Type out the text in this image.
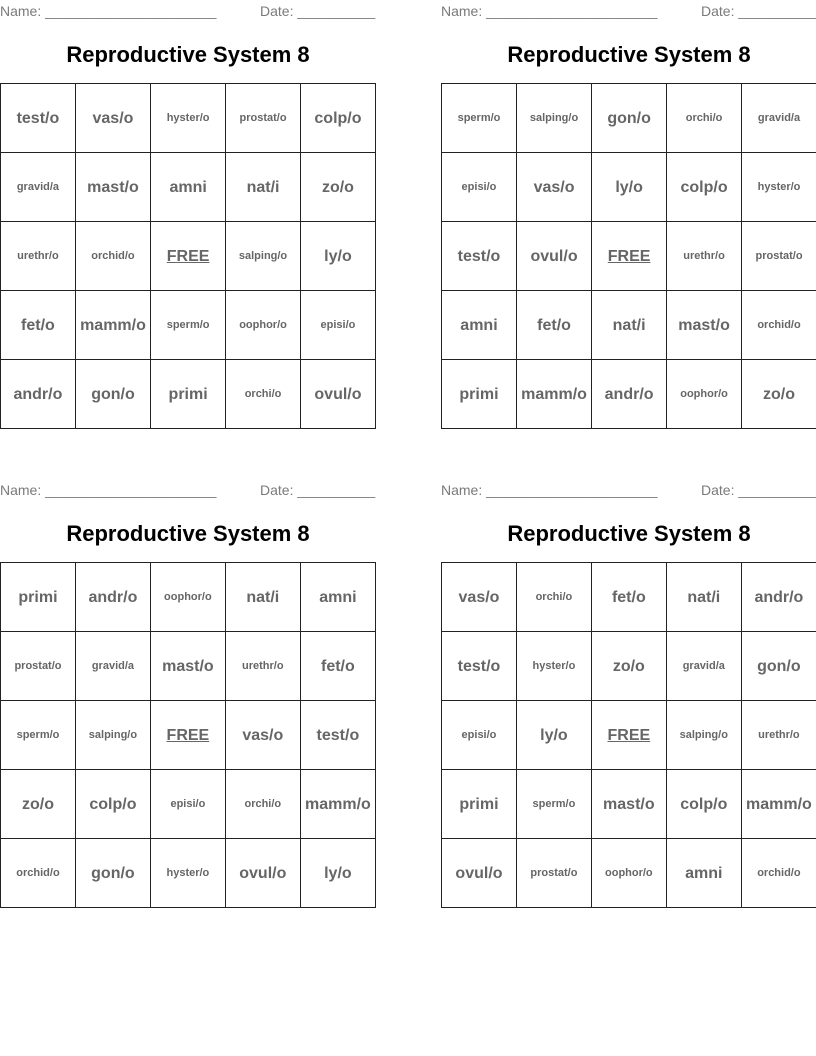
Name: ______________________	Date: __________
Reproductive System 8
test/o	vas/o	hyster/o	prostat/o	colp/o
gravid/a	mast/o	amni	nat/i	zo/o
urethr/o	orchid/o	FREE	salping/o	ly/o
fet/o	mamm/o	sperm/o	oophor/o	episi/o
andr/o	gon/o	primi	orchi/o	ovul/o
Name: ______________________	Date: __________
Reproductive System 8
sperm/o	salping/o	gon/o	orchi/o	gravid/a
episi/o	vas/o	ly/o	colp/o	hyster/o
test/o	ovul/o	FREE	urethr/o	prostat/o
amni	fet/o	nat/i	mast/o	orchid/o
primi	mamm/o	andr/o	oophor/o	zo/o
Name: ______________________	Date: __________
Reproductive System 8
primi	andr/o	oophor/o	nat/i	amni
prostat/o	gravid/a	mast/o	urethr/o	fet/o
sperm/o	salping/o	FREE	vas/o	test/o
zo/o	colp/o	episi/o	orchi/o	mamm/o
orchid/o	gon/o	hyster/o	ovul/o	ly/o
Name: ______________________	Date: __________
Reproductive System 8
vas/o	orchi/o	fet/o	nat/i	andr/o
test/o	hyster/o	zo/o	gravid/a	gon/o
episi/o	ly/o	FREE	salping/o	urethr/o
primi	sperm/o	mast/o	colp/o	mamm/o
ovul/o	prostat/o	oophor/o	amni	orchid/o
